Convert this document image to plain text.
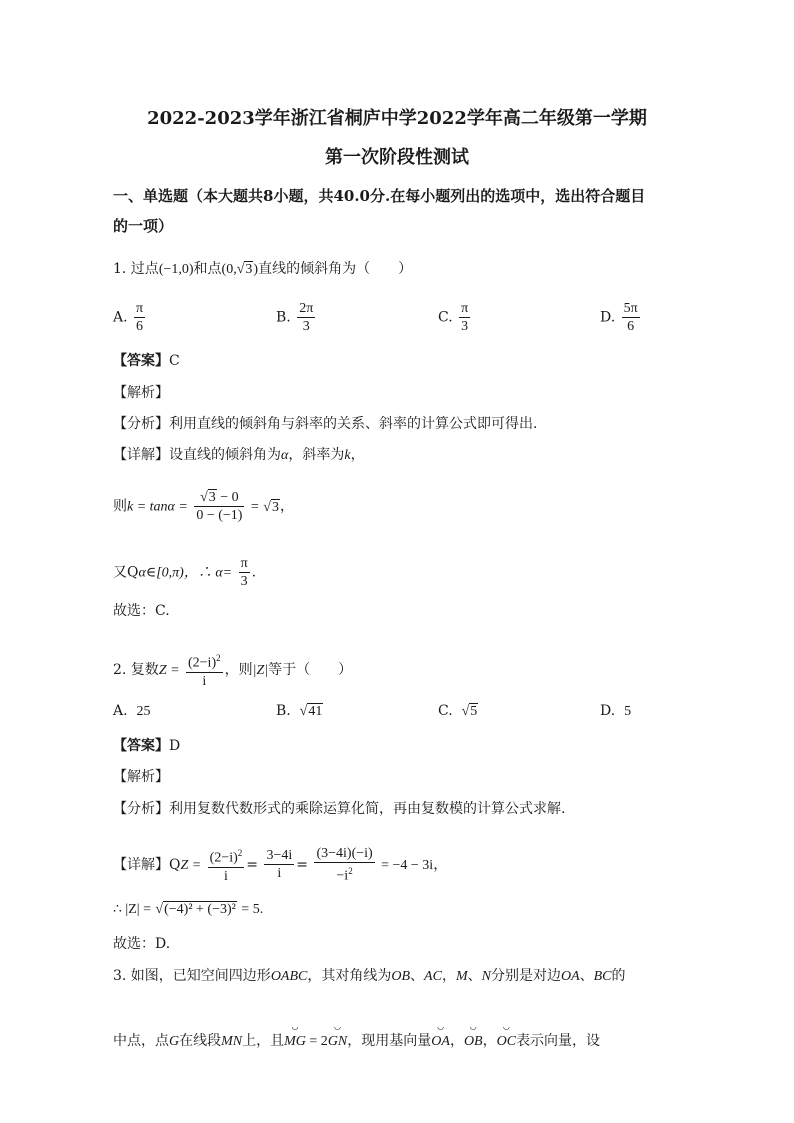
2022-2023学年浙江省桐庐中学2022学年高二年级第一学期
第一次阶段性测试
一、单选题（本大题共8小题，共40.0分.在每小题列出的选项中，选出符合题目
的一项）
1. 过点(−1,0)和点(0,√3)直线的倾斜角为（　　）
A. $\frac{\pi}{6}$	B. $\frac{2\pi}{3}$	C. $\frac{\pi}{3}$	D. $\frac{5\pi}{6}$
【答案】C
【解析】
【分析】利用直线的倾斜角与斜率的关系、斜率的计算公式即可得出.
【详解】设直线的倾斜角为α，斜率为k，
则$k = \tan\alpha = \frac{√3 - 0}{0 - (-1)} = √3$，
又Qα∈[0,π)，∴ $\alpha= \frac{\pi}{3}$ .
故选：C.
2. 复数$Z = \frac{(2-i)^2}{i}$ ，则|Z|等于（　　）
A. 25	B. √41	C. √5	D. 5
【答案】D
【解析】
【分析】利用复数代数形式的乘除运算化简，再由复数模的计算公式求解.
【详解】QZ = $\frac{(2-i)^2}{i} = \frac{3-4i}{i} = \frac{(3-4i)(-i)}{-i^2} = -4 - 3i$，
∴ |Z| = √(−4)² + (−3)² = 5.
故选：D.
3. 如图，已知空间四边形OABC，其对角线为OB、AC，M、N分别是对边OA、BC的
中点，点G在线段MN上，且◡ MG = 2◡ GN，现用基向量◡ OA，◡ OB，◡ OC表示向量，设
